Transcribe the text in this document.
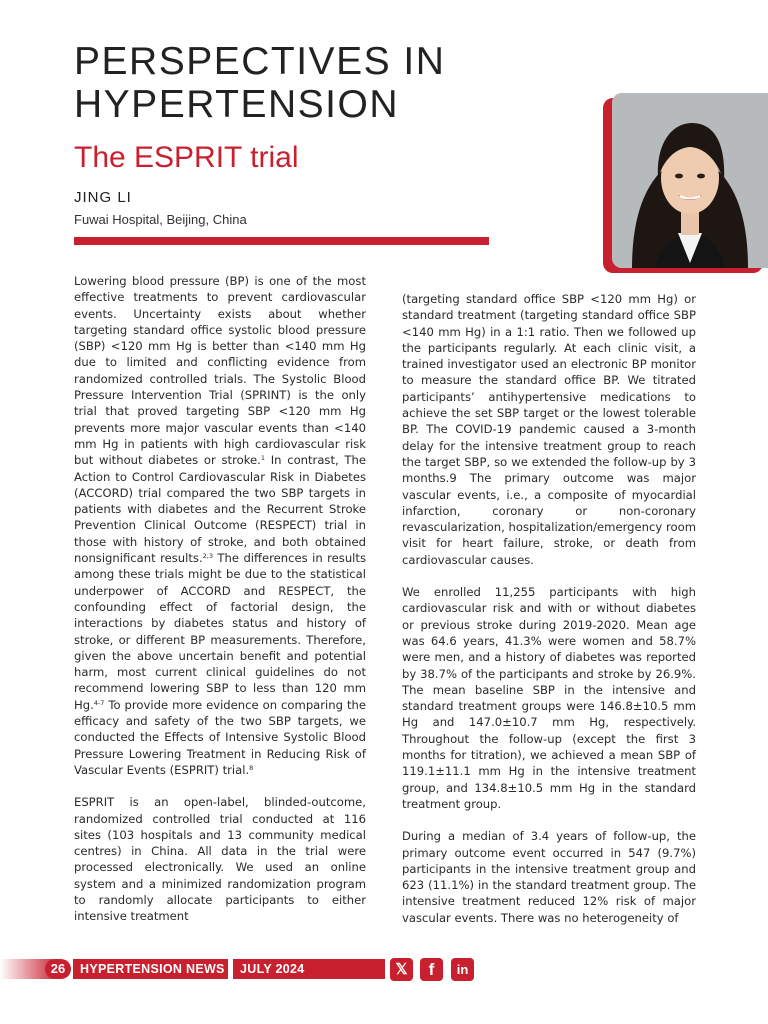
PERSPECTIVES IN HYPERTENSION
The ESPRIT trial
JING LI
Fuwai Hospital, Beijing, China

Lowering blood pressure (BP) is one of the most effective treatments to prevent cardiovascular events. Uncertainty exists about whether targeting standard office systolic blood pressure (SBP) <120 mm Hg is better than <140 mm Hg due to limited and conflicting evidence from randomized controlled trials. The Systolic Blood Pressure Intervention Trial (SPRINT) is the only trial that proved targeting SBP <120 mm Hg prevents more major vascular events than <140 mm Hg in patients with high cardiovascular risk but without diabetes or stroke.$^1$ In contrast, The Action to Control Cardiovascular Risk in Diabetes (ACCORD) trial compared the two SBP targets in patients with diabetes and the Recurrent Stroke Prevention Clinical Outcome (RESPECT) trial in those with history of stroke, and both obtained nonsignificant results.$^{2,3}$ The differences in results among these trials might be due to the statistical underpower of ACCORD and RESPECT, the confounding effect of factorial design, the interactions by diabetes status and history of stroke, or different BP measurements. Therefore, given the above uncertain benefit and potential harm, most current clinical guidelines do not recommend lowering SBP to less than 120 mm Hg.$^{4-7}$ To provide more evidence on comparing the efficacy and safety of the two SBP targets, we conducted the Effects of Intensive Systolic Blood Pressure Lowering Treatment in Reducing Risk of Vascular Events (ESPRIT) trial.$^8$

ESPRIT is an open-label, blinded-outcome, randomized controlled trial conducted at 116 sites (103 hospitals and 13 community medical centres) in China. All data in the trial were processed electronically. We used an online system and a minimized randomization program to randomly allocate participants to either intensive treatment

(targeting standard office SBP <120 mm Hg) or standard treatment (targeting standard office SBP <140 mm Hg) in a 1:1 ratio. Then we followed up the participants regularly. At each clinic visit, a trained investigator used an electronic BP monitor to measure the standard office BP. We titrated participants’ antihypertensive medications to achieve the set SBP target or the lowest tolerable BP. The COVID-19 pandemic caused a 3-month delay for the intensive treatment group to reach the target SBP, so we extended the follow-up by 3 months.9 The primary outcome was major vascular events, i.e., a composite of myocardial infarction, coronary or non-coronary revascularization, hospitalization/emergency room visit for heart failure, stroke, or death from cardiovascular causes.

We enrolled 11,255 participants with high cardiovascular risk and with or without diabetes or previous stroke during 2019-2020. Mean age was 64.6 years, 41.3% were women and 58.7% were men, and a history of diabetes was reported by 38.7% of the participants and stroke by 26.9%. The mean baseline SBP in the intensive and standard treatment groups were 146.8±10.5 mm Hg and 147.0±10.7 mm Hg, respectively. Throughout the follow-up (except the first 3 months for titration), we achieved a mean SBP of 119.1±11.1 mm Hg in the intensive treatment group, and 134.8±10.5 mm Hg in the standard treatment group.

During a median of 3.4 years of follow-up, the primary outcome event occurred in 547 (9.7%) participants in the intensive treatment group and 623 (11.1%) in the standard treatment group. The intensive treatment reduced 12% risk of major vascular events. There was no heterogeneity of

26	HYPERTENSION NEWS JULY 2024	𝕏	f	in
